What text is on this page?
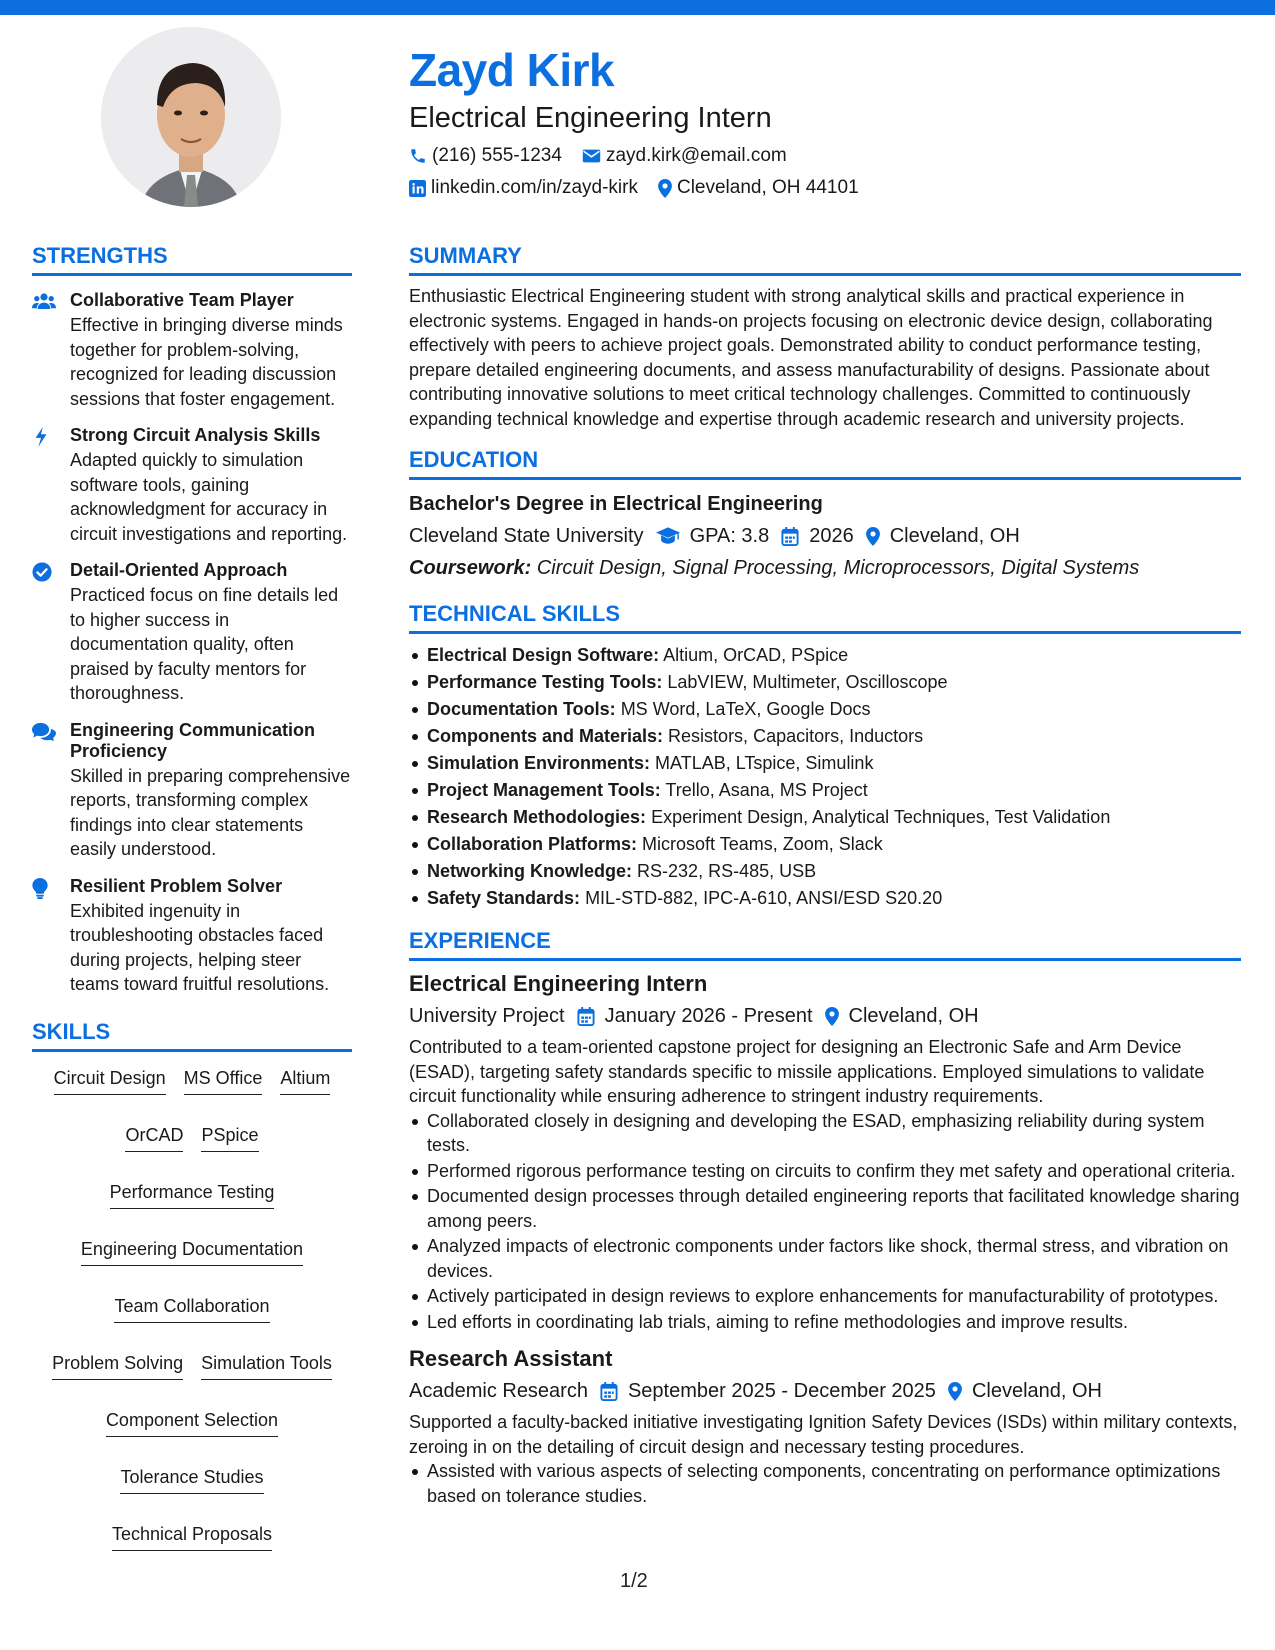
Zayd Kirk
Electrical Engineering Intern
(216) 555-1234 zayd.kirk@email.com
linkedin.com/in/zayd-kirk Cleveland, OH 44101
STRENGTHS
Collaborative Team Player
Effective in bringing diverse minds together for problem-solving, recognized for leading discussion sessions that foster engagement.
Strong Circuit Analysis Skills
Adapted quickly to simulation software tools, gaining acknowledgment for accuracy in circuit investigations and reporting.
Detail-Oriented Approach
Practiced focus on fine details led to higher success in documentation quality, often praised by faculty mentors for thoroughness.
Engineering Communication Proficiency
Skilled in preparing comprehensive reports, transforming complex findings into clear statements easily understood.
Resilient Problem Solver
Exhibited ingenuity in troubleshooting obstacles faced during projects, helping steer teams toward fruitful resolutions.
SKILLS
Circuit Design MS Office Altium
OrCAD PSpice
Performance Testing
Engineering Documentation
Team Collaboration
Problem Solving Simulation Tools
Component Selection
Tolerance Studies
Technical Proposals
SUMMARY
Enthusiastic Electrical Engineering student with strong analytical skills and practical experience in electronic systems. Engaged in hands-on projects focusing on electronic device design, collaborating effectively with peers to achieve project goals. Demonstrated ability to conduct performance testing, prepare detailed engineering documents, and assess manufacturability of designs. Passionate about contributing innovative solutions to meet critical technology challenges. Committed to continuously expanding technical knowledge and expertise through academic research and university projects.
EDUCATION
Bachelor's Degree in Electrical Engineering
Cleveland State University GPA: 3.8 2026 Cleveland, OH
Coursework: Circuit Design, Signal Processing, Microprocessors, Digital Systems
TECHNICAL SKILLS
Electrical Design Software: Altium, OrCAD, PSpice
Performance Testing Tools: LabVIEW, Multimeter, Oscilloscope
Documentation Tools: MS Word, LaTeX, Google Docs
Components and Materials: Resistors, Capacitors, Inductors
Simulation Environments: MATLAB, LTspice, Simulink
Project Management Tools: Trello, Asana, MS Project
Research Methodologies: Experiment Design, Analytical Techniques, Test Validation
Collaboration Platforms: Microsoft Teams, Zoom, Slack
Networking Knowledge: RS-232, RS-485, USB
Safety Standards: MIL-STD-882, IPC-A-610, ANSI/ESD S20.20
EXPERIENCE
Electrical Engineering Intern
University Project January 2026 - Present Cleveland, OH
Contributed to a team-oriented capstone project for designing an Electronic Safe and Arm Device (ESAD), targeting safety standards specific to missile applications. Employed simulations to validate circuit functionality while ensuring adherence to stringent industry requirements.
Collaborated closely in designing and developing the ESAD, emphasizing reliability during system tests.
Performed rigorous performance testing on circuits to confirm they met safety and operational criteria.
Documented design processes through detailed engineering reports that facilitated knowledge sharing among peers.
Analyzed impacts of electronic components under factors like shock, thermal stress, and vibration on devices.
Actively participated in design reviews to explore enhancements for manufacturability of prototypes.
Led efforts in coordinating lab trials, aiming to refine methodologies and improve results.
Research Assistant
Academic Research September 2025 - December 2025 Cleveland, OH
Supported a faculty-backed initiative investigating Ignition Safety Devices (ISDs) within military contexts, zeroing in on the detailing of circuit design and necessary testing procedures.
Assisted with various aspects of selecting components, concentrating on performance optimizations based on tolerance studies.
1/2
